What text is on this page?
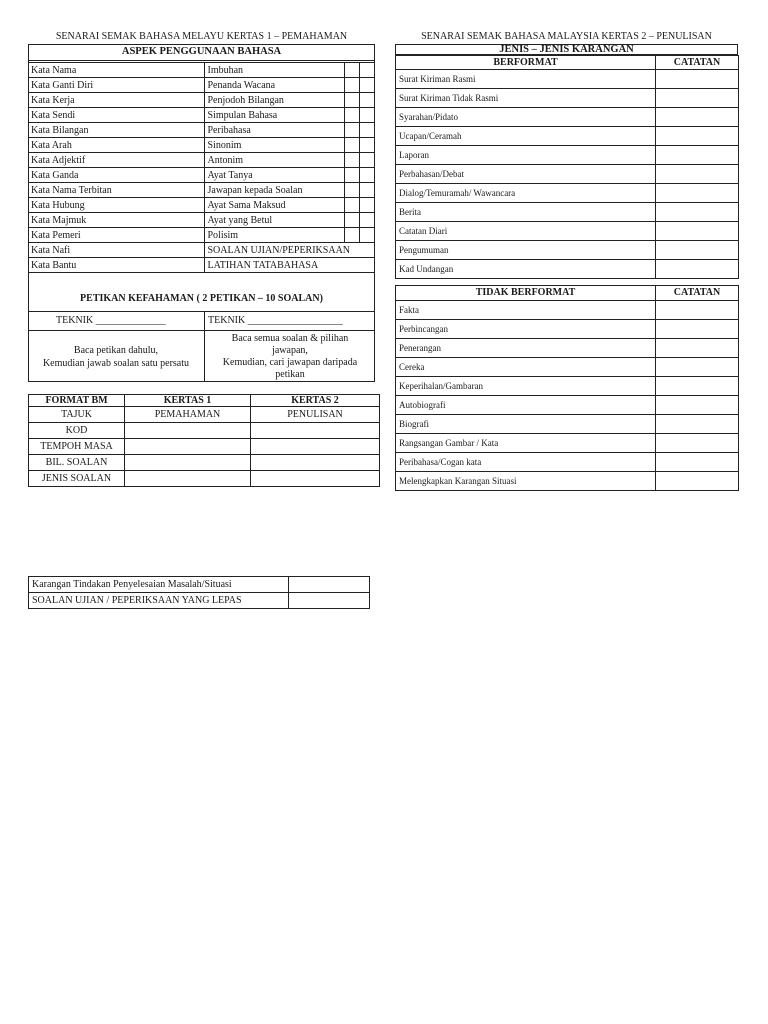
SENARAI SEMAK BAHASA MELAYU KERTAS 1 – PEMAHAMAN	SENARAI SEMAK BAHASA MALAYSIA KERTAS 2 – PENULISAN
ASPEK PENGGUNAAN BAHASA
Kata Nama	Imbuhan		
Kata Ganti Diri	Penanda Wacana		
Kata Kerja	Penjodoh Bilangan		
Kata Sendi	Simpulan Bahasa		
Kata Bilangan	Peribahasa		
Kata Arah	Sinonim		
Kata Adjektif	Antonim		
Kata Ganda	Ayat Tanya		
Kata Nama Terbitan	Jawapan kepada Soalan		
Kata Hubung	Ayat Sama Maksud		
Kata Majmuk	Ayat yang Betul		
Kata Pemeri	Polisim		
Kata Nafi	SOALAN UJIAN/PEPERIKSAAN		
Kata Bantu	LATIHAN TATABAHASA		
PETIKAN KEFAHAMAN ( 2 PETIKAN – 10 SOALAN)
TEKNIK ______________	TEKNIK ___________________
Baca petikan dahulu,
Kemudian jawab soalan satu persatu
Baca semua soalan & pilihan
jawapan,
Kemudian, cari jawapan daripada
petikan
FORMAT BM	KERTAS 1	KERTAS 2
TAJUK	PEMAHAMAN	PENULISAN
KOD		
TEMPOH MASA		
BIL. SOALAN		
JENIS SOALAN		
Karangan Tindakan Penyelesaian Masalah/Situasi	
SOALAN UJIAN / PEPERIKSAAN YANG LEPAS	
JENIS – JENIS KARANGAN
BERFORMAT	CATATAN
Surat Kiriman Rasmi	
Surat Kiriman Tidak Rasmi	
Syarahan/Pidato	
Ucapan/Ceramah	
Laporan	
Perbahasan/Debat	
Dialog/Temuramah/ Wawancara	
Berita	
Catatan Diari	
Pengumuman	
Kad Undangan	
TIDAK BERFORMAT	CATATAN
Fakta	
Perbincangan	
Penerangan	
Cereka	
Keperihalan/Gambaran	
Autobiografi	
Biografi	
Rangsangan Gambar / Kata	
Peribahasa/Cogan kata	
Melengkapkan Karangan Situasi	
